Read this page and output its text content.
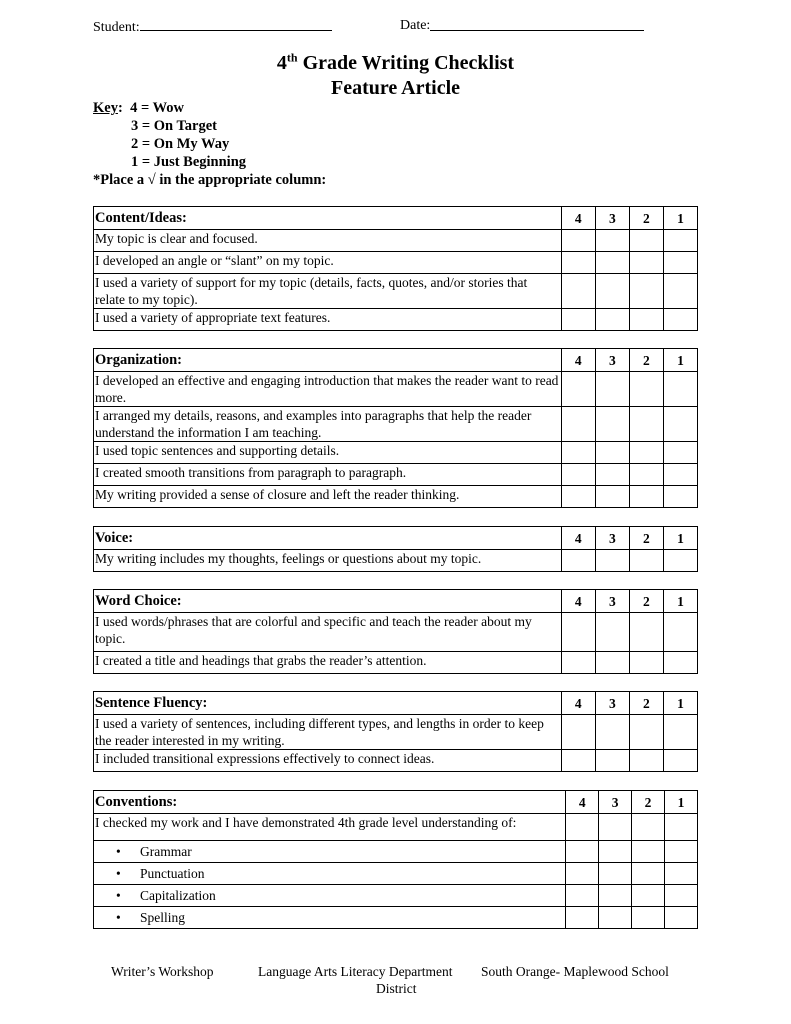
Student:	Date:
4th Grade Writing Checklist
Feature Article
Key: 4 = Wow
3 = On Target
2 = On My Way
1 = Just Beginning
*Place a √ in the appropriate column:
Content/Ideas:	4	3	2	1
My topic is clear and focused.				
I developed an angle or “slant” on my topic.				
I used a variety of support for my topic (details, facts, quotes, and/or stories that relate to my topic).				
I used a variety of appropriate text features.				
Organization:	4	3	2	1
I developed an effective and engaging introduction that makes the reader want to read more.				
I arranged my details, reasons, and examples into paragraphs that help the reader understand the information I am teaching.				
I used topic sentences and supporting details.				
I created smooth transitions from paragraph to paragraph.				
My writing provided a sense of closure and left the reader thinking.				
Voice:	4	3	2	1
My writing includes my thoughts, feelings or questions about my topic.				
Word Choice:	4	3	2	1
I used words/phrases that are colorful and specific and teach the reader about my topic.				
I created a title and headings that grabs the reader’s attention.				
Sentence Fluency:	4	3	2	1
I used a variety of sentences, including different types, and lengths in order to keep the reader interested in my writing.				
I included transitional expressions effectively to connect ideas.				
Conventions:	4	3	2	1
I checked my work and I have demonstrated 4th grade level understanding of:				
• Grammar				
• Punctuation				
• Capitalization				
• Spelling				
Writer’s Workshop	Language Arts Literacy Department South Orange- Maplewood School
District
